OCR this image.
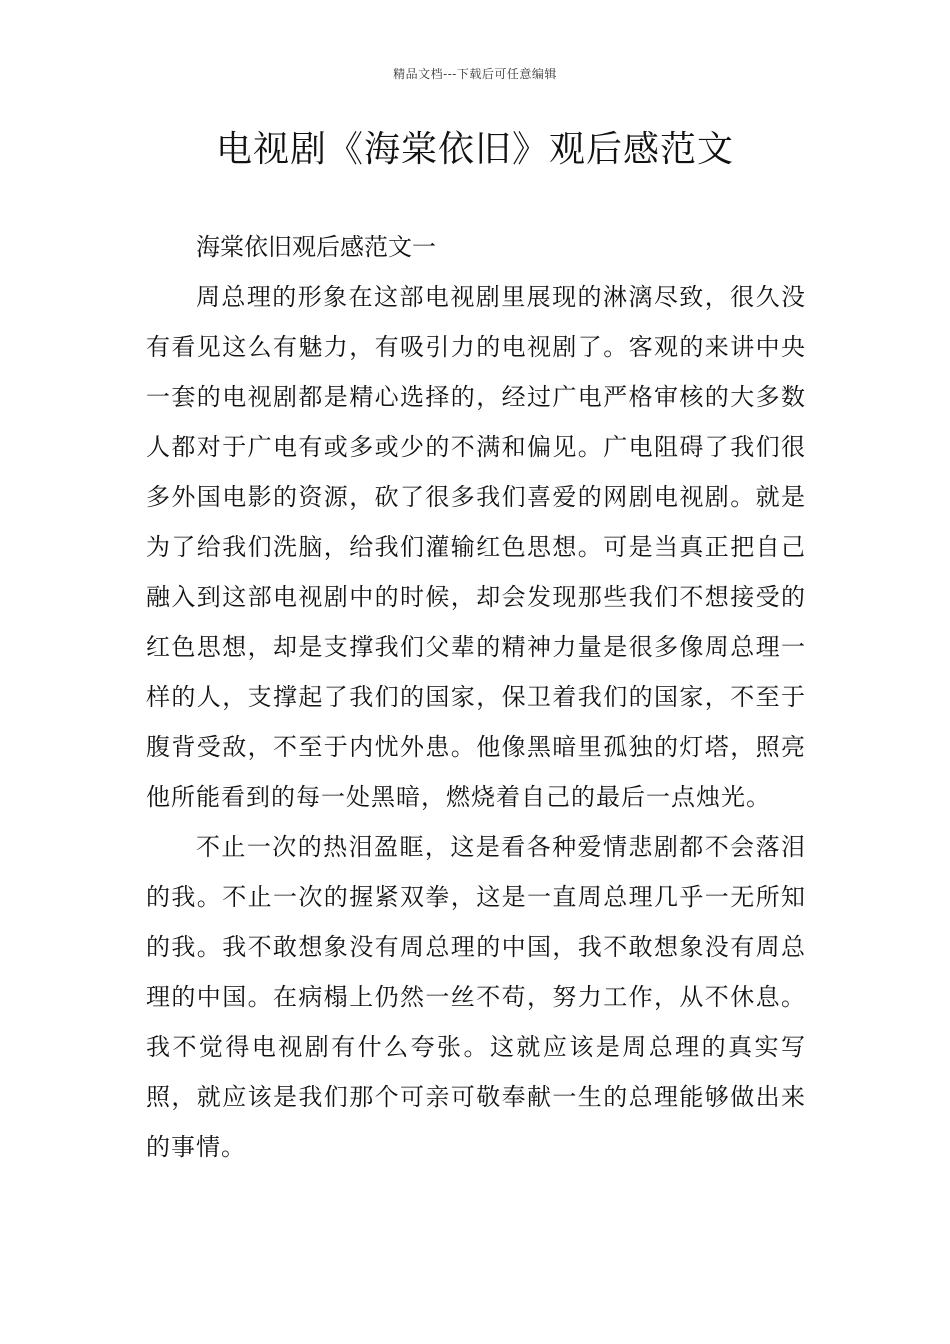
精品文档---下载后可任意编辑
电视剧《海棠依旧》观后感范文

海棠依旧观后感范文一

周总理的形象在这部电视剧里展现的淋漓尽致，很久没有看见这么有魅力，有吸引力的电视剧了。客观的来讲中央一套的电视剧都是精心选择的，经过广电严格审核的大多数人都对于广电有或多或少的不满和偏见。广电阻碍了我们很多外国电影的资源，砍了很多我们喜爱的网剧电视剧。就是为了给我们洗脑，给我们灌输红色思想。可是当真正把自己融入到这部电视剧中的时候，却会发现那些我们不想接受的红色思想，却是支撑我们父辈的精神力量是很多像周总理一样的人，支撑起了我们的国家，保卫着我们的国家，不至于腹背受敌，不至于内忧外患。他像黑暗里孤独的灯塔，照亮他所能看到的每一处黑暗，燃烧着自己的最后一点烛光。

不止一次的热泪盈眶，这是看各种爱情悲剧都不会落泪的我。不止一次的握紧双拳，这是一直周总理几乎一无所知的我。我不敢想象没有周总理的中国，我不敢想象没有周总理的中国。在病榻上仍然一丝不苟，努力工作，从不休息。我不觉得电视剧有什么夸张。这就应该是周总理的真实写照，就应该是我们那个可亲可敬奉献一生的总理能够做出来的事情。
